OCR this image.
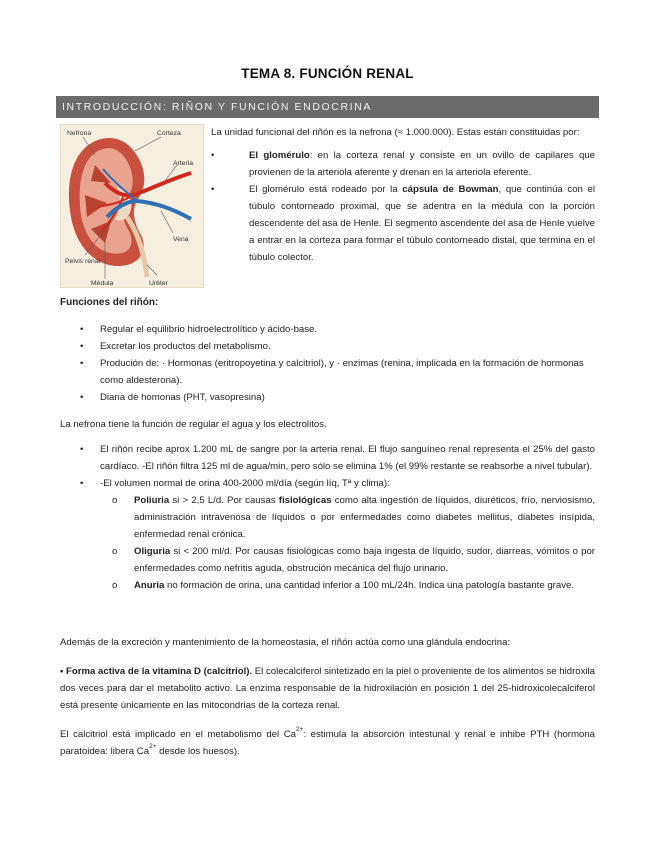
TEMA 8. FUNCIÓN RENAL
INTRODUCCIÓN: RIÑON Y FUNCIÓN ENDOCRINA
Nefrona	Corteza
Arteria
Vena
Pelvis renal
Médula	Uréter

La unidad funcional del riñón es la nefrona (≈ 1.000.000). Estas están constituidas por:

•	El glomérulo: en la corteza renal y consiste en un ovillo de capilares que provienen de la arteriola aferente y drenan en la arteriola eferente.
•	El glomérulo está rodeado por la cápsula de Bowman, que continúa con el túbulo contorneado proximal, que se adentra en la médula con la porción descendente del asa de Henle. El segmento ascendente del asa de Henle vuelve a entrar en la corteza para formar el túbulo contorneado distal, que termina en el túbulo colector.
Funciones del riñón:
•	Regular el equilibrio hidroelectrolítico y ácido-base.
•	Excretar los productos del metabolismo.
•	Produción de: · Hormonas (eritropoyetina y calcitriol), y · enzimas (renina, implicada en la formación de hormonas como aldesterona).
•	Diana de homonas (PHT, vasopresina)
La nefrona tiene la función de regular el agua y los electrolitos.
•	El riñón recibe aprox 1.200 mL de sangre por la arteria renal. El flujo sanguíneo renal representa el 25% del gasto cardíaco. -El riñón filtra 125 ml de agua/min, pero sólo se elimina 1% (el 99% restante se reabsorbe a nivel tubular).
•	-El volumen normal de orina 400-2000 ml/día (según líq, Tª y clima):
o	Poliuria si > 2,5 L/d. Por causas fisiológicas como alta ingestión de líquidos, diuréticos, frío, nerviosismo, administración intravenosa de líquidos o por enfermedades como diabetes mellitus, diabetes insípida, enfermedad renal crónica.
o	Oliguria si < 200 ml/d. Por causas fisiológicas como baja ingesta de líquido, sudor, diarreas, vómitos o por enfermedades como nefritis aguda, obstrución mecánica del flujo urinario.
o	Anuria no formación de orina, una cantidad inferior a 100 mL/24h. Indica una patología bastante grave.
Además de la excreción y mantenimiento de la homeostasia, el riñón actúa como una glándula endocrina:
• Forma activa de la vitamina D (calcitriol). El colecalciferol sintetizado en la piel o proveniente de los alimentos se hidroxila dos veces para dar el metabolito activo. La enzima responsable de la hidroxilación en posición 1 del 25-hidroxicolecalciferol está presente únicamente en las mitocondrias de la corteza renal.
El calcitriol está implicado en el metabolismo del $Ca^{2+}$: estimula la absorción intestunal y renal e inhibe PTH (hormona paratoidea: libera $Ca^{2+}$ desde los huesos).
